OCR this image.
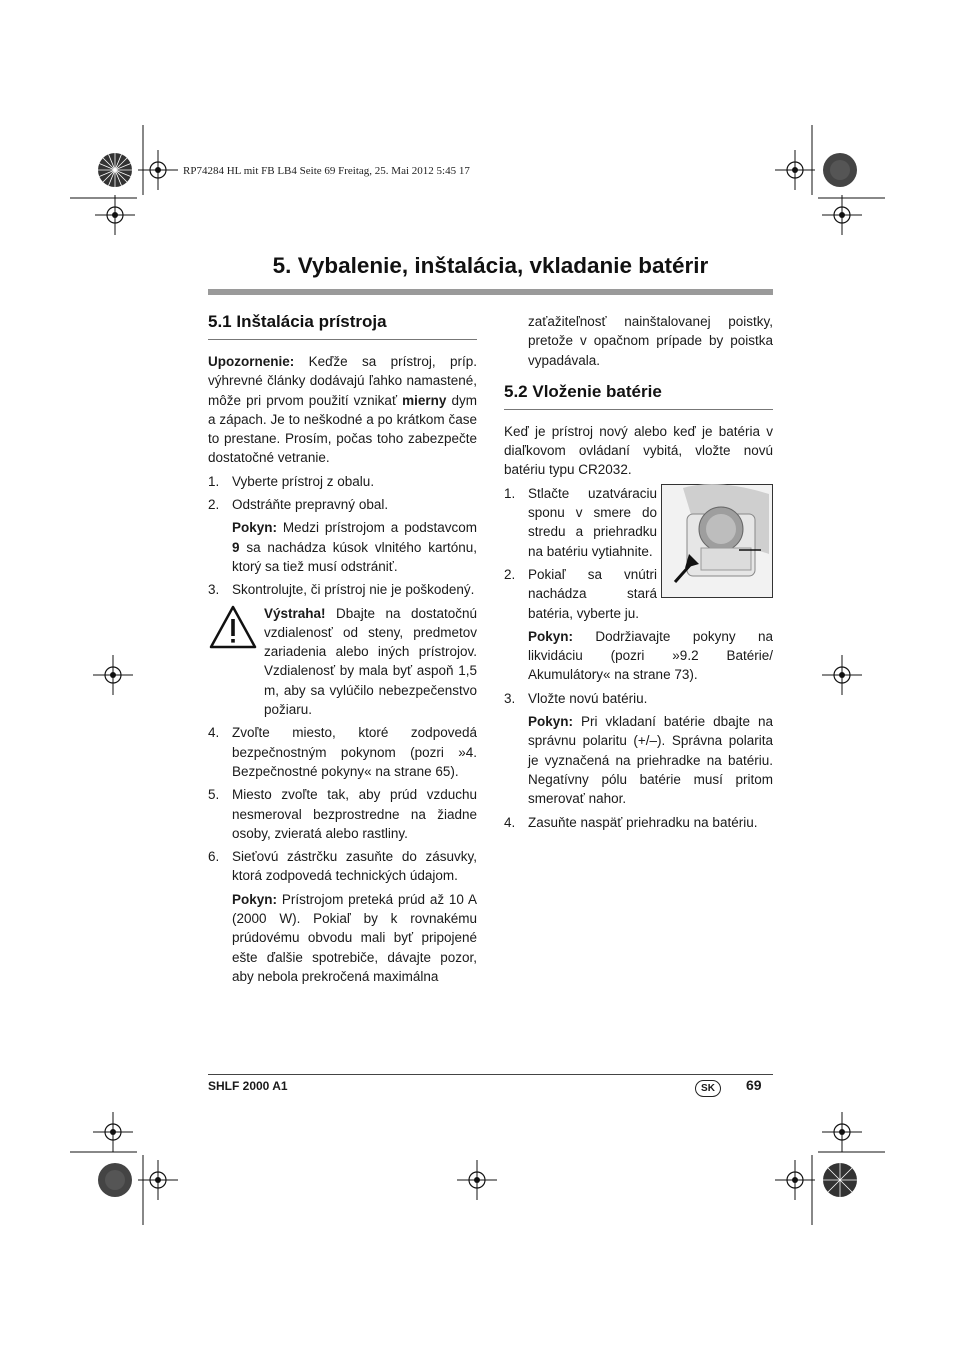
RP74284 HL mit FB LB4 Seite 69 Freitag, 25. Mai 2012 5:45 17
5. Vybalenie, inštalácia, vkladanie batérir
5.1 Inštalácia prístroja

Upozornenie: Keďže sa prístroj, príp. výhrevné články dodávajú ľahko namastené, môže pri prvom použití vznikať mierny dym a zápach. Je to neškodné a po krátkom čase to prestane. Prosím, počas toho zabezpečte dostatočné vetranie.

1. Vyberte prístroj z obalu.
2. Odstráňte prepravný obal.

Pokyn: Medzi prístrojom a podstavcom 9 sa nachádza kúsok vlnitého kartónu, ktorý sa tiež musí odstrániť.

3. Skontrolujte, či prístroj nie je poškodený.

Výstraha! Dbajte na dostatočnú vzdialenosť od steny, predmetov zariadenia alebo iných prístrojov. Vzdialenosť by mala byť aspoň 1,5 m, aby sa vylúčilo nebezpečenstvo požiaru.

4. Zvoľte miesto, ktoré zodpovedá bezpečnostným pokynom (pozri »4. Bezpečnostné pokyny« na strane 65).
5. Miesto zvoľte tak, aby prúd vzduchu nesmeroval bezprostredne na žiadne osoby, zvieratá alebo rastliny.
6. Sieťovú zástrčku zasuňte do zásuvky, ktorá zodpovedá technických údajom.

Pokyn: Prístrojom preteká prúd až 10 A (2000 W). Pokiaľ by k rovnakému prúdovému obvodu mali byť pripojené ešte ďalšie spotrebiče, dávajte pozor, aby nebola prekročená maximálna

zaťažiteľnosť nainštalovanej poistky, pretože v opačnom prípade by poistka vypadávala.

5.2 Vloženie batérie

Keď je prístroj nový alebo keď je batéria v diaľkovom ovládaní vybitá, vložte novú batériu typu CR2032.

1. Stlačte uzatváraciu sponu v smere do stredu a priehradku na batériu vytiahnite.
2. Pokiaľ sa vnútri nachádza stará batéria, vyberte ju.

Pokyn: Dodržiavajte pokyny na likvidáciu (pozri »9.2 Batérie/ Akumulátory« na strane 73).

3. Vložte novú batériu.

Pokyn: Pri vkladaní batérie dbajte na správnu polaritu (+/–). Správna polarita je vyznačená na priehradke na batériu. Negatívny pólu batérie musí pritom smerovať nahor.

4. Zasuňte naspäť priehradku na batériu.
SHLF 2000 A1	SK	69
